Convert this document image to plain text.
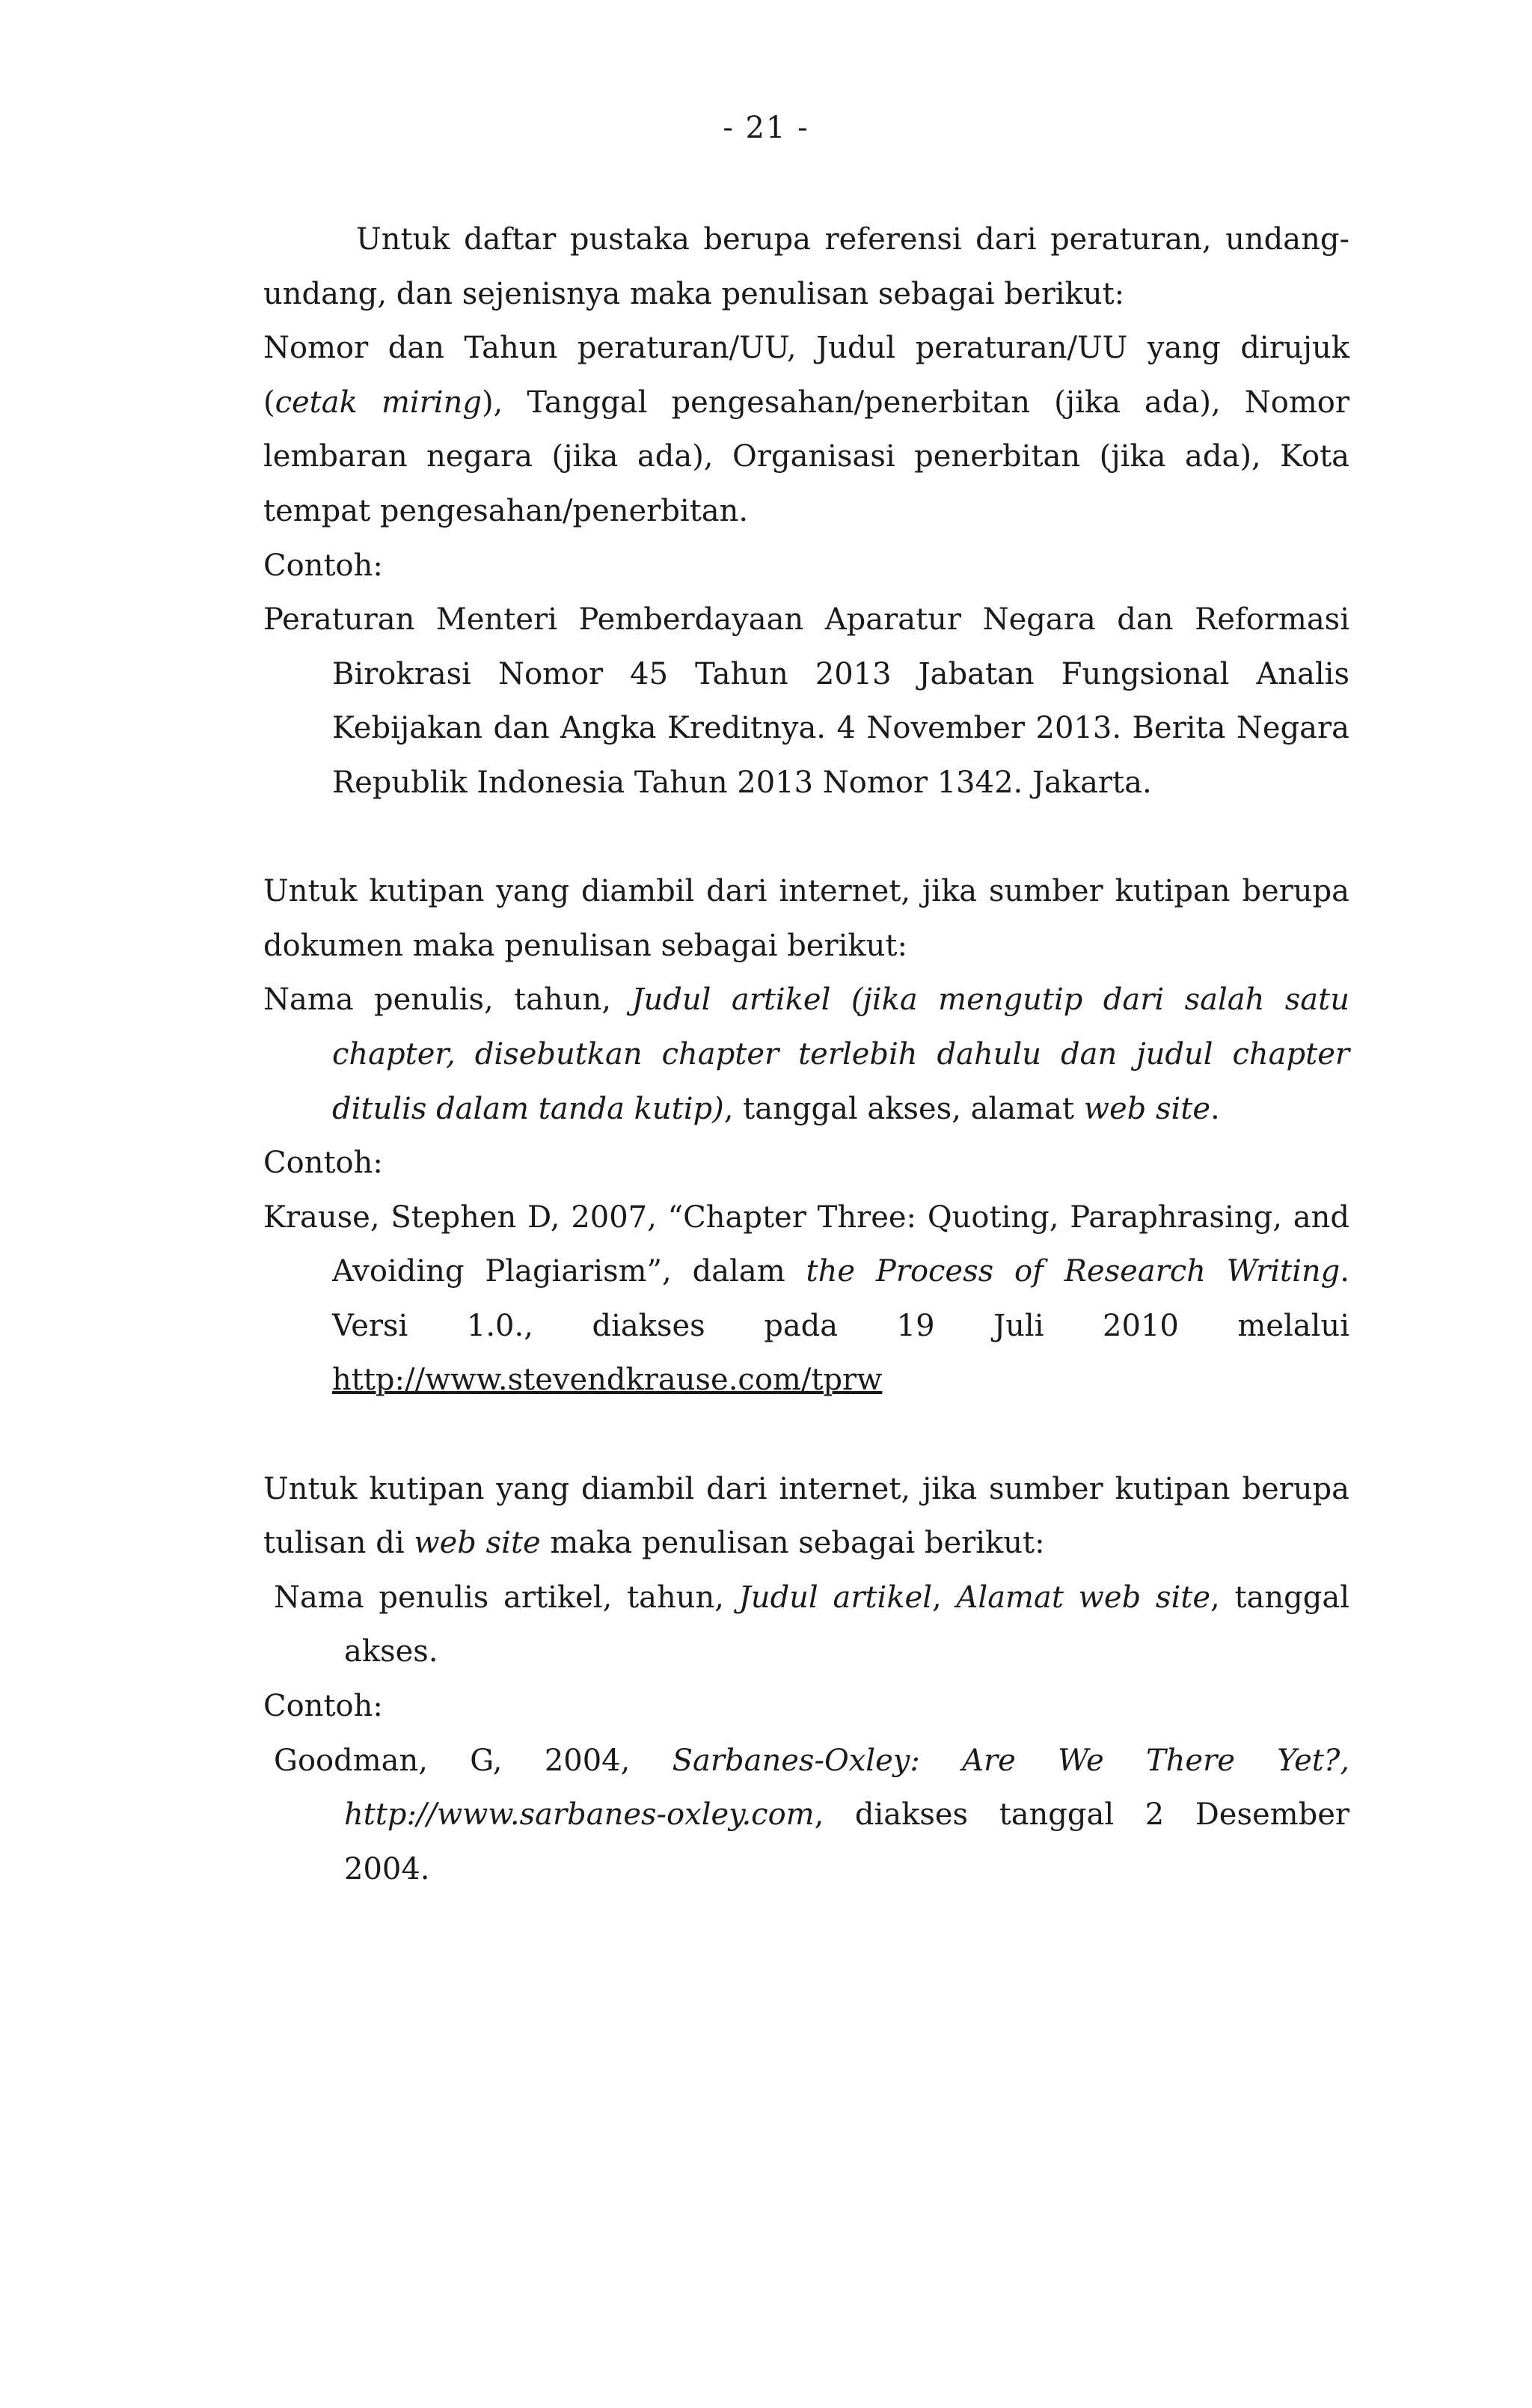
- 21 -

Untuk daftar pustaka berupa referensi dari peraturan, undang-undang, dan sejenisnya maka penulisan sebagai berikut:

Nomor dan Tahun peraturan/UU, Judul peraturan/UU yang dirujuk (cetak miring), Tanggal pengesahan/penerbitan (jika ada), Nomor lembaran negara (jika ada), Organisasi penerbitan (jika ada), Kota tempat pengesahan/penerbitan.

Contoh:

Peraturan Menteri Pemberdayaan Aparatur Negara dan Reformasi Birokrasi Nomor 45 Tahun 2013 Jabatan Fungsional Analis Kebijakan dan Angka Kreditnya. 4 November 2013. Berita Negara Republik Indonesia Tahun 2013 Nomor 1342. Jakarta.

Untuk kutipan yang diambil dari internet, jika sumber kutipan berupa dokumen maka penulisan sebagai berikut:

Nama penulis, tahun, Judul artikel (jika mengutip dari salah satu chapter, disebutkan chapter terlebih dahulu dan judul chapter ditulis dalam tanda kutip), tanggal akses, alamat web site.

Contoh:

Krause, Stephen D, 2007, “Chapter Three: Quoting, Paraphrasing, and Avoiding Plagiarism”, dalam the Process of Research Writing. Versi 1.0., diakses pada 19 Juli 2010 melalui http://www.stevendkrause.com/tprw

Untuk kutipan yang diambil dari internet, jika sumber kutipan berupa tulisan di web site maka penulisan sebagai berikut:

Nama penulis artikel, tahun, Judul artikel, Alamat web site, tanggal akses.

Contoh:

Goodman, G, 2004, Sarbanes-Oxley: Are We There Yet?, http://www.sarbanes-oxley.com, diakses tanggal 2 Desember 2004.
